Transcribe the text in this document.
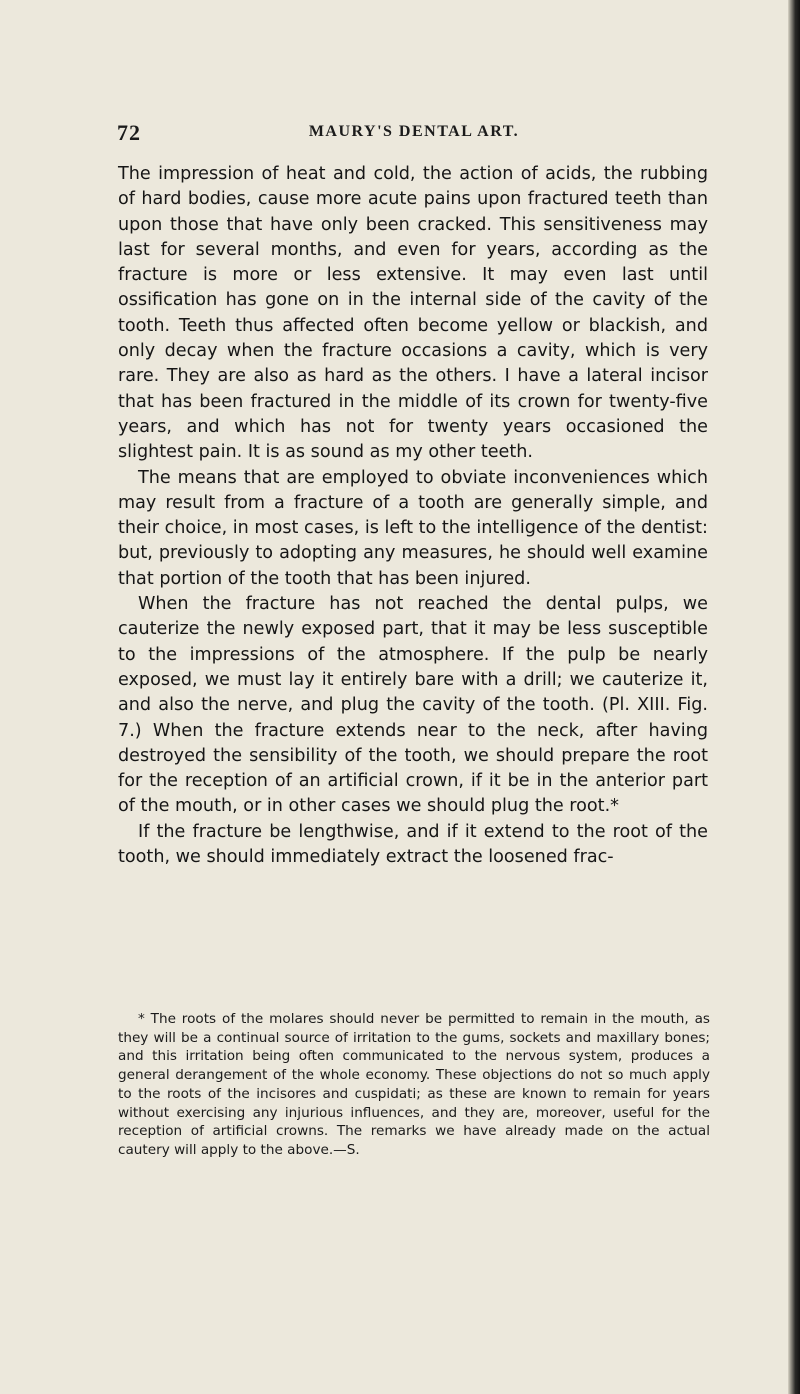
72	MAURY'S DENTAL ART.

The impression of heat and cold, the action of acids, the rubbing of hard bodies, cause more acute pains upon fractured teeth than upon those that have only been cracked. This sensitiveness may last for several months, and even for years, according as the fracture is more or less extensive. It may even last until ossification has gone on in the internal side of the cavity of the tooth. Teeth thus affected often become yellow or blackish, and only decay when the fracture occasions a cavity, which is very rare. They are also as hard as the others. I have a lateral incisor that has been fractured in the middle of its crown for twenty-five years, and which has not for twenty years occasioned the slightest pain. It is as sound as my other teeth.

The means that are employed to obviate inconveniences which may result from a fracture of a tooth are generally simple, and their choice, in most cases, is left to the intelligence of the dentist: but, previously to adopting any measures, he should well examine that portion of the tooth that has been injured.

When the fracture has not reached the dental pulps, we cauterize the newly exposed part, that it may be less susceptible to the impressions of the atmosphere. If the pulp be nearly exposed, we must lay it entirely bare with a drill; we cauterize it, and also the nerve, and plug the cavity of the tooth. (Pl. XIII. Fig. 7.) When the fracture extends near to the neck, after having destroyed the sensibility of the tooth, we should prepare the root for the reception of an artificial crown, if it be in the anterior part of the mouth, or in other cases we should plug the root.*

If the fracture be lengthwise, and if it extend to the root of the tooth, we should immediately extract the loosened frac-

* The roots of the molares should never be permitted to remain in the mouth, as they will be a continual source of irritation to the gums, sockets and maxillary bones; and this irritation being often communicated to the nervous system, produces a general derangement of the whole economy. These objections do not so much apply to the roots of the incisores and cuspidati; as these are known to remain for years without exercising any injurious influences, and they are, moreover, useful for the reception of artificial crowns. The remarks we have already made on the actual cautery will apply to the above.—S.
